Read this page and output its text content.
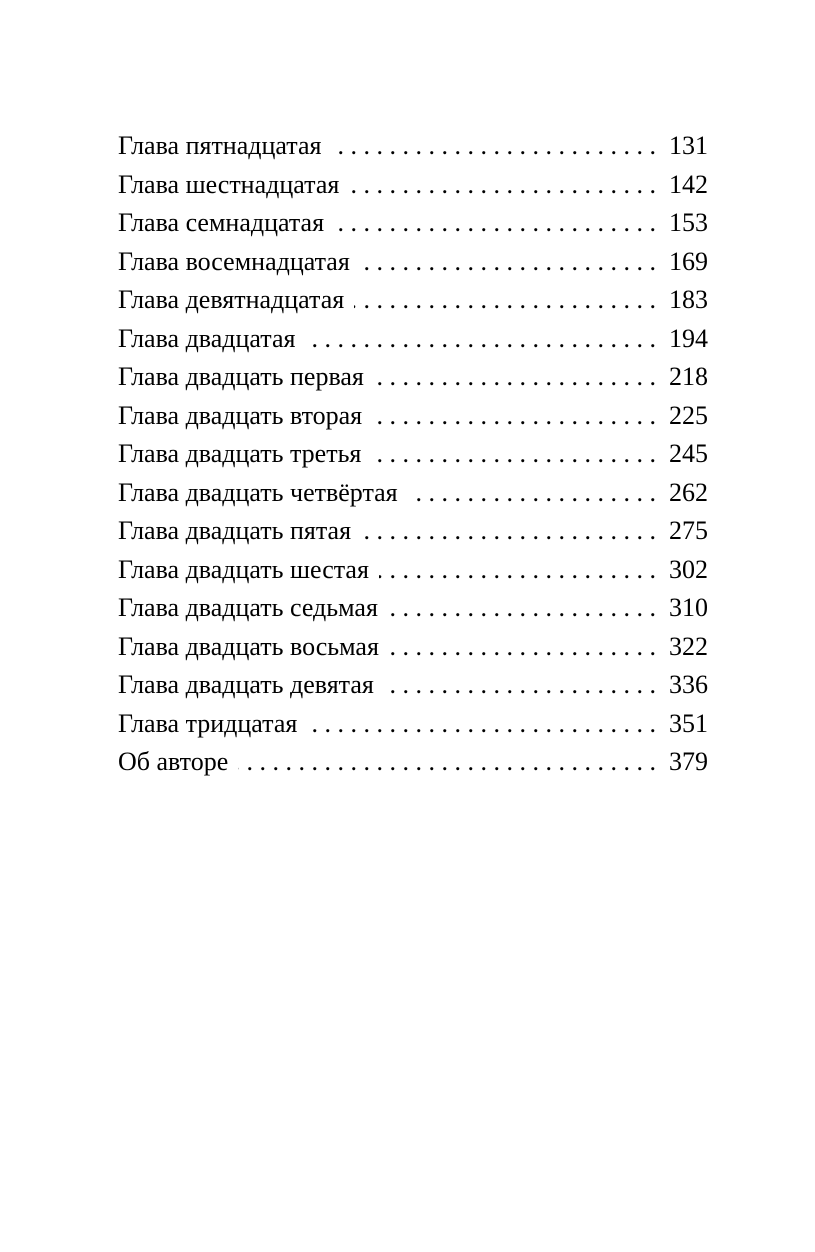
Глава пятнадцатая . . .	131
Глава шестнадцатая . . .	142
Глава семнадцатая . . .	153
Глава восемнадцатая . . .	169
Глава девятнадцатая . . .	183
Глава двадцатая . . .	194
Глава двадцать первая . . .	218
Глава двадцать вторая . . .	225
Глава двадцать третья . . .	245
Глава двадцать четвёртая . . .	262
Глава двадцать пятая . . .	275
Глава двадцать шестая . . .	302
Глава двадцать седьмая . . .	310
Глава двадцать восьмая . . .	322
Глава двадцать девятая . . .	336
Глава тридцатая . . .	351
Об авторе . . .	379
